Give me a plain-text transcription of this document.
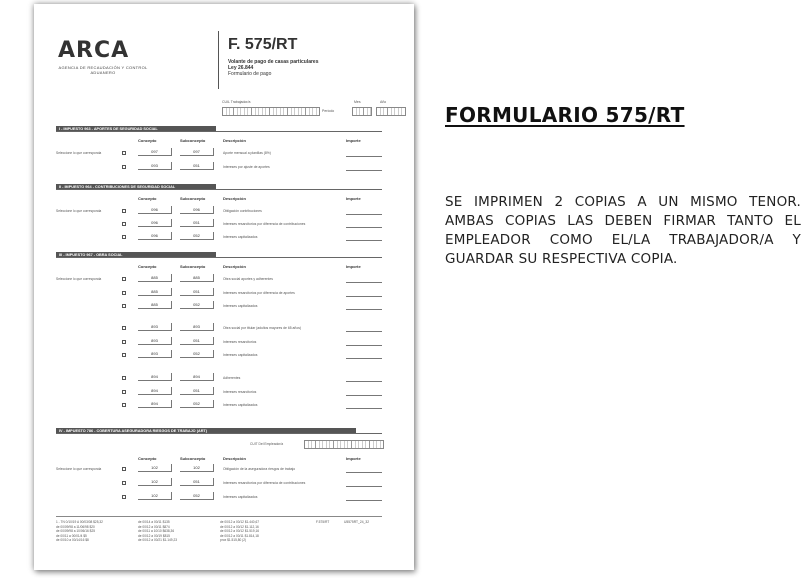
ARCA
AGENCIA DE RECAUDACIÓN Y CONTROL ADUANERO
F. 575/RT
Volante de pago de casas particulares
Ley 26.844
Formulario de pago
CUIL Trabajador/a	Mes	Año
Período
I - IMPUESTO 963 - APORTES DE SEGURIDAD SOCIAL
Concepto	Subconcepto	Descripción	Importe
Seleccione lo que corresponda	097	097	Aporte mensual a planillas (8%)
093	051	Intereses por ajuste de aportes
II - IMPUESTO 964 - CONTRIBUCIONES DE SEGURIDAD SOCIAL
Concepto	Subconcepto	Descripción	Importe
Seleccione lo que corresponda	096	096	Obligación contribuciones
096	051	Intereses resarcitorios por diferencia de contribuciones
096	052	Intereses capitalizados
III - IMPUESTO 967 - OBRA SOCIAL
Concepto	Subconcepto	Descripción	Importe
Seleccione lo que corresponda	885	885	Obra social aportes y adherentes
885	051	Intereses resarcitorios por diferencia de aportes
885	052	Intereses capitalizados
893	893	Obra social por titular (adultos mayores de 65 años)
893	051	Intereses resarcitorios
893	052	Intereses capitalizados
894	894	Adherentes
894	051	Intereses resarcitorios
894	052	Intereses capitalizados
IV - IMPUESTO 786 - COBERTURA ASEGURADORA RIESGOS DE TRABAJO (ART)
CUIT Del Empleador/a
Concepto	Subconcepto	Descripción	Importe
Seleccione lo que corresponda	102	102	Obligación de la aseguradora riesgos de trabajo
102	051	Intereses resarcitorios por diferencia de contribuciones
102	052	Intereses capitalizados
1 - TN 0/10/19 A 00/03/08 $25,32
de 00/09/98 a 11/06/98 $20
de 00/09/98 a 10/06/16 $25
de 00/11 a 00/01/4 $5
de 00/10 a 00/14/16 $8
de 00/14 a 00/11 $135
de 00/12 a 00/11 $874
de 00/11 a 10/10 $638,36
de 00/12 a 00/19 $815
de 00/12 a 00/21 $1.149,23
de 00/12 a 00/12 $1.440,67
de 00/12 a 00/12 $1.112,16
de 00/12 a 00/12 $1.519,16
de 00/12 a 00/11 $1.814,18
prox $1.515,80 (2)
F.575/RT	U5575RT_24_32
FORMULARIO 575/RT
SE IMPRIMEN 2 COPIAS A UN MISMO TENOR. AMBAS COPIAS LAS DEBEN FIRMAR TANTO EL EMPLEADOR COMO EL/LA TRABAJADOR/A Y GUARDAR SU RESPECTIVA COPIA.
